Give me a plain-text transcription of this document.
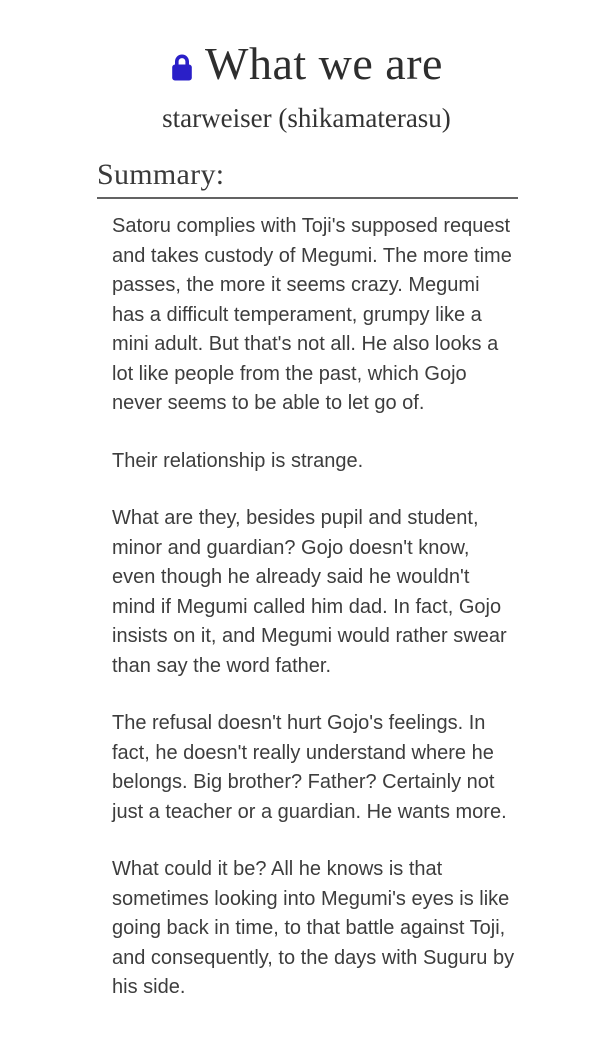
What we are
starweiser (shikamaterasu)
Summary:

Satoru complies with Toji's supposed request and takes custody of Megumi. The more time passes, the more it seems crazy. Megumi has a difficult temperament, grumpy like a mini adult. But that's not all. He also looks a lot like people from the past, which Gojo never seems to be able to let go of.

Their relationship is strange.

What are they, besides pupil and student, minor and guardian? Gojo doesn't know, even though he already said he wouldn't mind if Megumi called him dad. In fact, Gojo insists on it, and Megumi would rather swear than say the word father.

The refusal doesn't hurt Gojo's feelings. In fact, he doesn't really understand where he belongs. Big brother? Father? Certainly not just a teacher or a guardian. He wants more.

What could it be? All he knows is that sometimes looking into Megumi's eyes is like going back in time, to that battle against Toji, and consequently, to the days with Suguru by his side.
